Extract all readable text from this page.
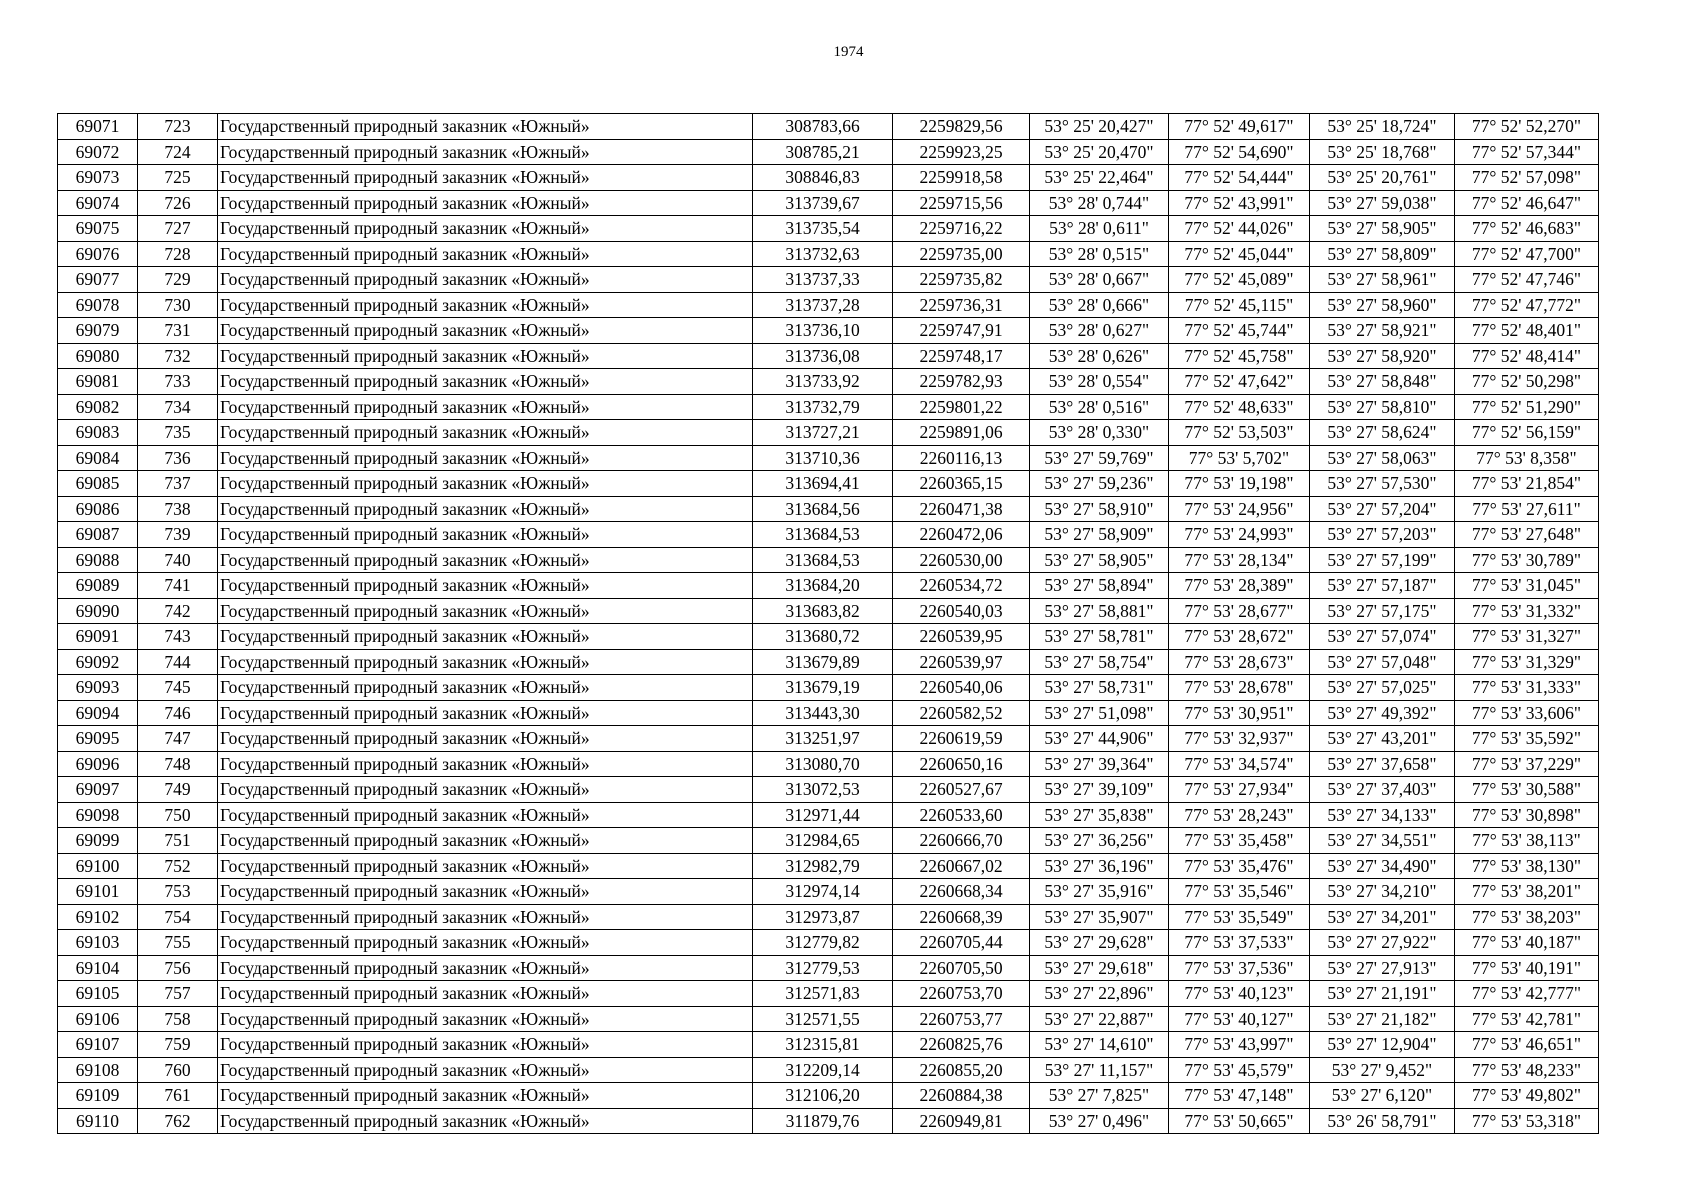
1974
69071	723	Государственный природный заказник «Южный»	308783,66	2259829,56	53° 25' 20,427"	77° 52' 49,617"	53° 25' 18,724"	77° 52' 52,270"
69072	724	Государственный природный заказник «Южный»	308785,21	2259923,25	53° 25' 20,470"	77° 52' 54,690"	53° 25' 18,768"	77° 52' 57,344"
69073	725	Государственный природный заказник «Южный»	308846,83	2259918,58	53° 25' 22,464"	77° 52' 54,444"	53° 25' 20,761"	77° 52' 57,098"
69074	726	Государственный природный заказник «Южный»	313739,67	2259715,56	53° 28' 0,744"	77° 52' 43,991"	53° 27' 59,038"	77° 52' 46,647"
69075	727	Государственный природный заказник «Южный»	313735,54	2259716,22	53° 28' 0,611"	77° 52' 44,026"	53° 27' 58,905"	77° 52' 46,683"
69076	728	Государственный природный заказник «Южный»	313732,63	2259735,00	53° 28' 0,515"	77° 52' 45,044"	53° 27' 58,809"	77° 52' 47,700"
69077	729	Государственный природный заказник «Южный»	313737,33	2259735,82	53° 28' 0,667"	77° 52' 45,089"	53° 27' 58,961"	77° 52' 47,746"
69078	730	Государственный природный заказник «Южный»	313737,28	2259736,31	53° 28' 0,666"	77° 52' 45,115"	53° 27' 58,960"	77° 52' 47,772"
69079	731	Государственный природный заказник «Южный»	313736,10	2259747,91	53° 28' 0,627"	77° 52' 45,744"	53° 27' 58,921"	77° 52' 48,401"
69080	732	Государственный природный заказник «Южный»	313736,08	2259748,17	53° 28' 0,626"	77° 52' 45,758"	53° 27' 58,920"	77° 52' 48,414"
69081	733	Государственный природный заказник «Южный»	313733,92	2259782,93	53° 28' 0,554"	77° 52' 47,642"	53° 27' 58,848"	77° 52' 50,298"
69082	734	Государственный природный заказник «Южный»	313732,79	2259801,22	53° 28' 0,516"	77° 52' 48,633"	53° 27' 58,810"	77° 52' 51,290"
69083	735	Государственный природный заказник «Южный»	313727,21	2259891,06	53° 28' 0,330"	77° 52' 53,503"	53° 27' 58,624"	77° 52' 56,159"
69084	736	Государственный природный заказник «Южный»	313710,36	2260116,13	53° 27' 59,769"	77° 53' 5,702"	53° 27' 58,063"	77° 53' 8,358"
69085	737	Государственный природный заказник «Южный»	313694,41	2260365,15	53° 27' 59,236"	77° 53' 19,198"	53° 27' 57,530"	77° 53' 21,854"
69086	738	Государственный природный заказник «Южный»	313684,56	2260471,38	53° 27' 58,910"	77° 53' 24,956"	53° 27' 57,204"	77° 53' 27,611"
69087	739	Государственный природный заказник «Южный»	313684,53	2260472,06	53° 27' 58,909"	77° 53' 24,993"	53° 27' 57,203"	77° 53' 27,648"
69088	740	Государственный природный заказник «Южный»	313684,53	2260530,00	53° 27' 58,905"	77° 53' 28,134"	53° 27' 57,199"	77° 53' 30,789"
69089	741	Государственный природный заказник «Южный»	313684,20	2260534,72	53° 27' 58,894"	77° 53' 28,389"	53° 27' 57,187"	77° 53' 31,045"
69090	742	Государственный природный заказник «Южный»	313683,82	2260540,03	53° 27' 58,881"	77° 53' 28,677"	53° 27' 57,175"	77° 53' 31,332"
69091	743	Государственный природный заказник «Южный»	313680,72	2260539,95	53° 27' 58,781"	77° 53' 28,672"	53° 27' 57,074"	77° 53' 31,327"
69092	744	Государственный природный заказник «Южный»	313679,89	2260539,97	53° 27' 58,754"	77° 53' 28,673"	53° 27' 57,048"	77° 53' 31,329"
69093	745	Государственный природный заказник «Южный»	313679,19	2260540,06	53° 27' 58,731"	77° 53' 28,678"	53° 27' 57,025"	77° 53' 31,333"
69094	746	Государственный природный заказник «Южный»	313443,30	2260582,52	53° 27' 51,098"	77° 53' 30,951"	53° 27' 49,392"	77° 53' 33,606"
69095	747	Государственный природный заказник «Южный»	313251,97	2260619,59	53° 27' 44,906"	77° 53' 32,937"	53° 27' 43,201"	77° 53' 35,592"
69096	748	Государственный природный заказник «Южный»	313080,70	2260650,16	53° 27' 39,364"	77° 53' 34,574"	53° 27' 37,658"	77° 53' 37,229"
69097	749	Государственный природный заказник «Южный»	313072,53	2260527,67	53° 27' 39,109"	77° 53' 27,934"	53° 27' 37,403"	77° 53' 30,588"
69098	750	Государственный природный заказник «Южный»	312971,44	2260533,60	53° 27' 35,838"	77° 53' 28,243"	53° 27' 34,133"	77° 53' 30,898"
69099	751	Государственный природный заказник «Южный»	312984,65	2260666,70	53° 27' 36,256"	77° 53' 35,458"	53° 27' 34,551"	77° 53' 38,113"
69100	752	Государственный природный заказник «Южный»	312982,79	2260667,02	53° 27' 36,196"	77° 53' 35,476"	53° 27' 34,490"	77° 53' 38,130"
69101	753	Государственный природный заказник «Южный»	312974,14	2260668,34	53° 27' 35,916"	77° 53' 35,546"	53° 27' 34,210"	77° 53' 38,201"
69102	754	Государственный природный заказник «Южный»	312973,87	2260668,39	53° 27' 35,907"	77° 53' 35,549"	53° 27' 34,201"	77° 53' 38,203"
69103	755	Государственный природный заказник «Южный»	312779,82	2260705,44	53° 27' 29,628"	77° 53' 37,533"	53° 27' 27,922"	77° 53' 40,187"
69104	756	Государственный природный заказник «Южный»	312779,53	2260705,50	53° 27' 29,618"	77° 53' 37,536"	53° 27' 27,913"	77° 53' 40,191"
69105	757	Государственный природный заказник «Южный»	312571,83	2260753,70	53° 27' 22,896"	77° 53' 40,123"	53° 27' 21,191"	77° 53' 42,777"
69106	758	Государственный природный заказник «Южный»	312571,55	2260753,77	53° 27' 22,887"	77° 53' 40,127"	53° 27' 21,182"	77° 53' 42,781"
69107	759	Государственный природный заказник «Южный»	312315,81	2260825,76	53° 27' 14,610"	77° 53' 43,997"	53° 27' 12,904"	77° 53' 46,651"
69108	760	Государственный природный заказник «Южный»	312209,14	2260855,20	53° 27' 11,157"	77° 53' 45,579"	53° 27' 9,452"	77° 53' 48,233"
69109	761	Государственный природный заказник «Южный»	312106,20	2260884,38	53° 27' 7,825"	77° 53' 47,148"	53° 27' 6,120"	77° 53' 49,802"
69110	762	Государственный природный заказник «Южный»	311879,76	2260949,81	53° 27' 0,496"	77° 53' 50,665"	53° 26' 58,791"	77° 53' 53,318"
